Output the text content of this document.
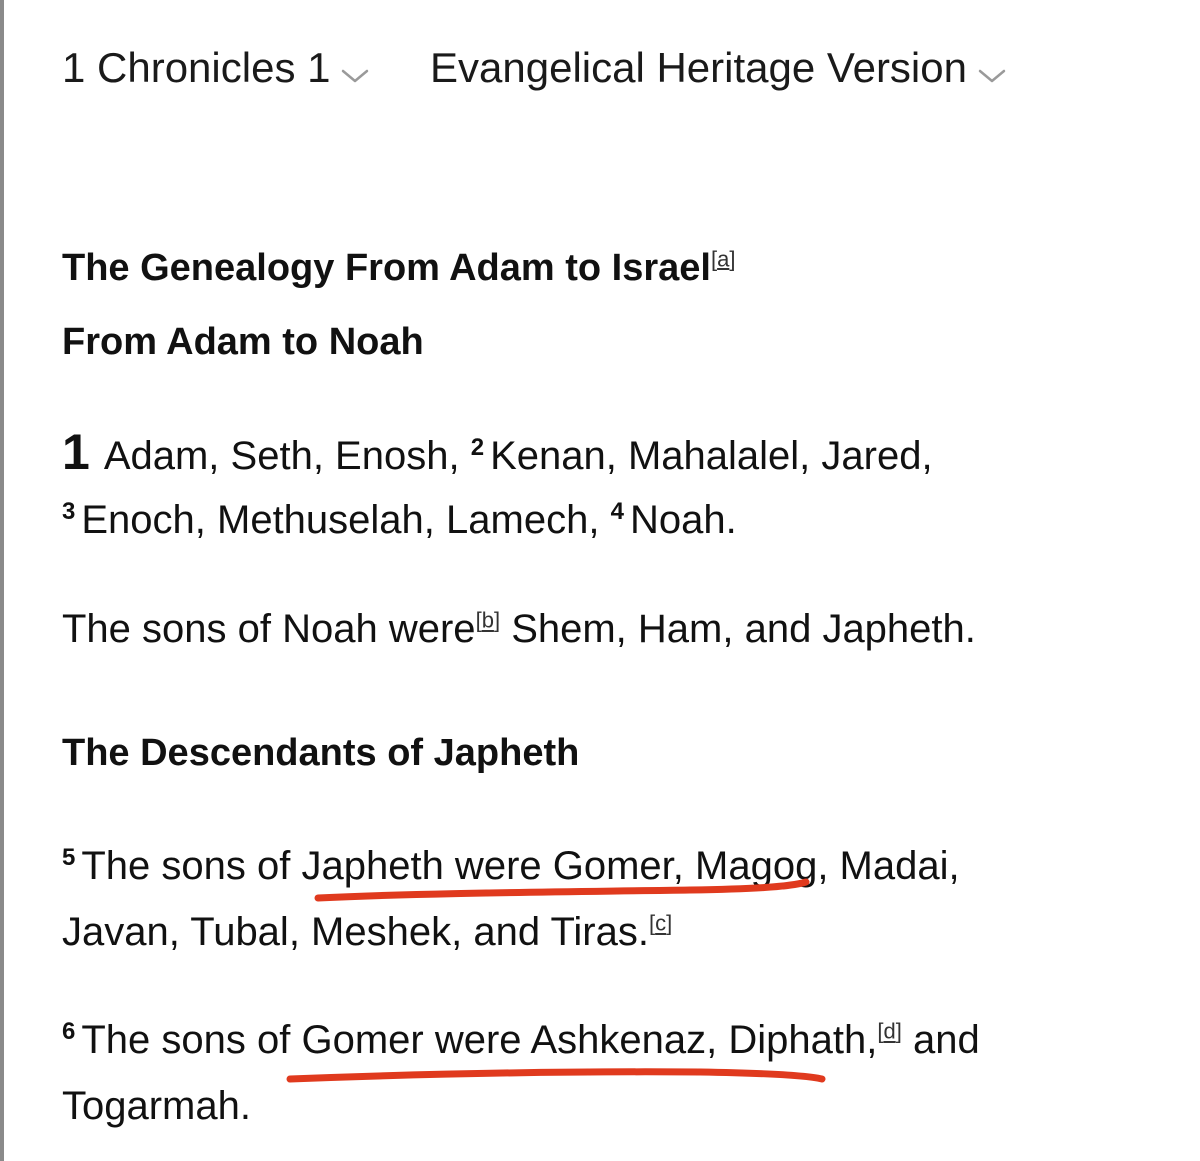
1 Chronicles 1	Evangelical Heritage Version
The Genealogy From Adam to Israel[a]
From Adam to Noah
1 Adam, Seth, Enosh, $^2$ Kenan, Mahalalel, Jared,
$^3$ Enoch, Methuselah, Lamech, $^4$ Noah.
The sons of Noah were[b] Shem, Ham, and Japheth.
The Descendants of Japheth
$^5$ The sons of Japheth were Gomer, Magog, Madai,
Javan, Tubal, Meshek, and Tiras.[c]
$^6$ The sons of Gomer were Ashkenaz, Diphath,[d] and
Togarmah.
